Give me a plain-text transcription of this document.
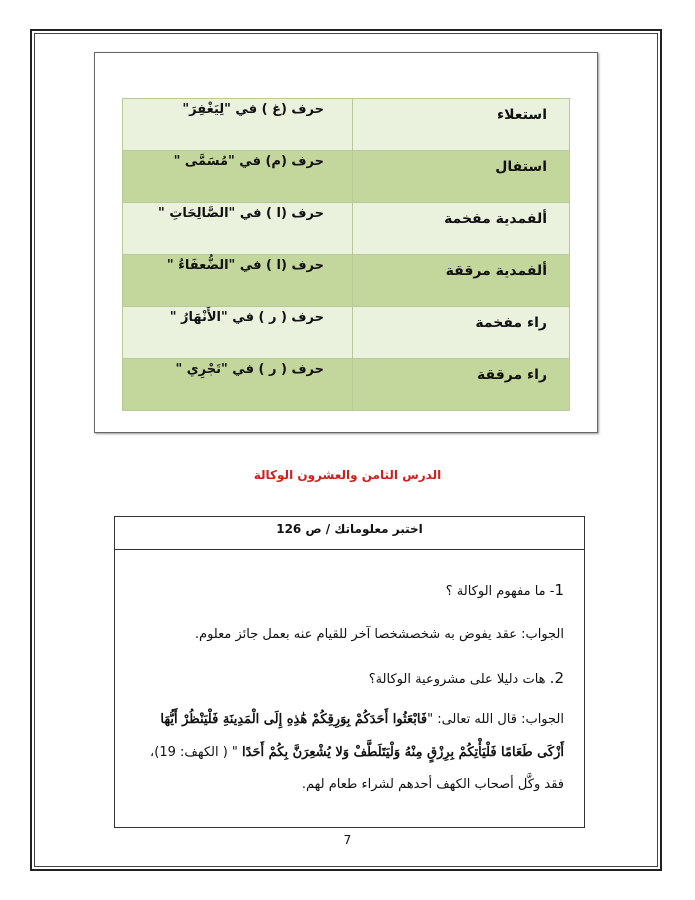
استعلاء	حرف (غ ) في "لِيَغْفِرَ"
استفال	حرف (م) في "مُسَمَّى "
ألفمدية مفخمة	حرف (ا ) في "الصَّالِحَاتِ "
ألفمدية مرققة	حرف (ا ) في "الضُّعفَاءُ "
راء مفخمة	حرف ( ر ) في "الأَنْهَارُ "
راء مرققة	حرف ( ر ) في "تَجْرِي "
الدرس الثامن والعشرون الوكالة
اختبر معلوماتك / ص 126
1- ما مفهوم الوكالة ؟
الجواب: عقد يفوض به شخصشخصا آخر للقيام عنه بعمل جائز معلوم.
2. هات دليلا على مشروعية الوكالة؟
الجواب: قال الله تعالى: "فَابْعَثُوا أَحَدَكُمْ بِوَرِقِكُمْ هَٰذِهِ إِلَى الْمَدِينَةِ فَلْيَنْظُرْ أَيُّهَا
أَزْكَى طَعَامًا فَلْيَأْتِكُمْ بِرِزْقٍ مِنْهُ وَلْيَتَلَطَّفْ وَلا يُشْعِرَنَّ بِكُمْ أَحَدًا " ( الكهف: 19)،
فقد وكَّل أصحاب الكهف أحدهم لشراء طعام لهم.
7
